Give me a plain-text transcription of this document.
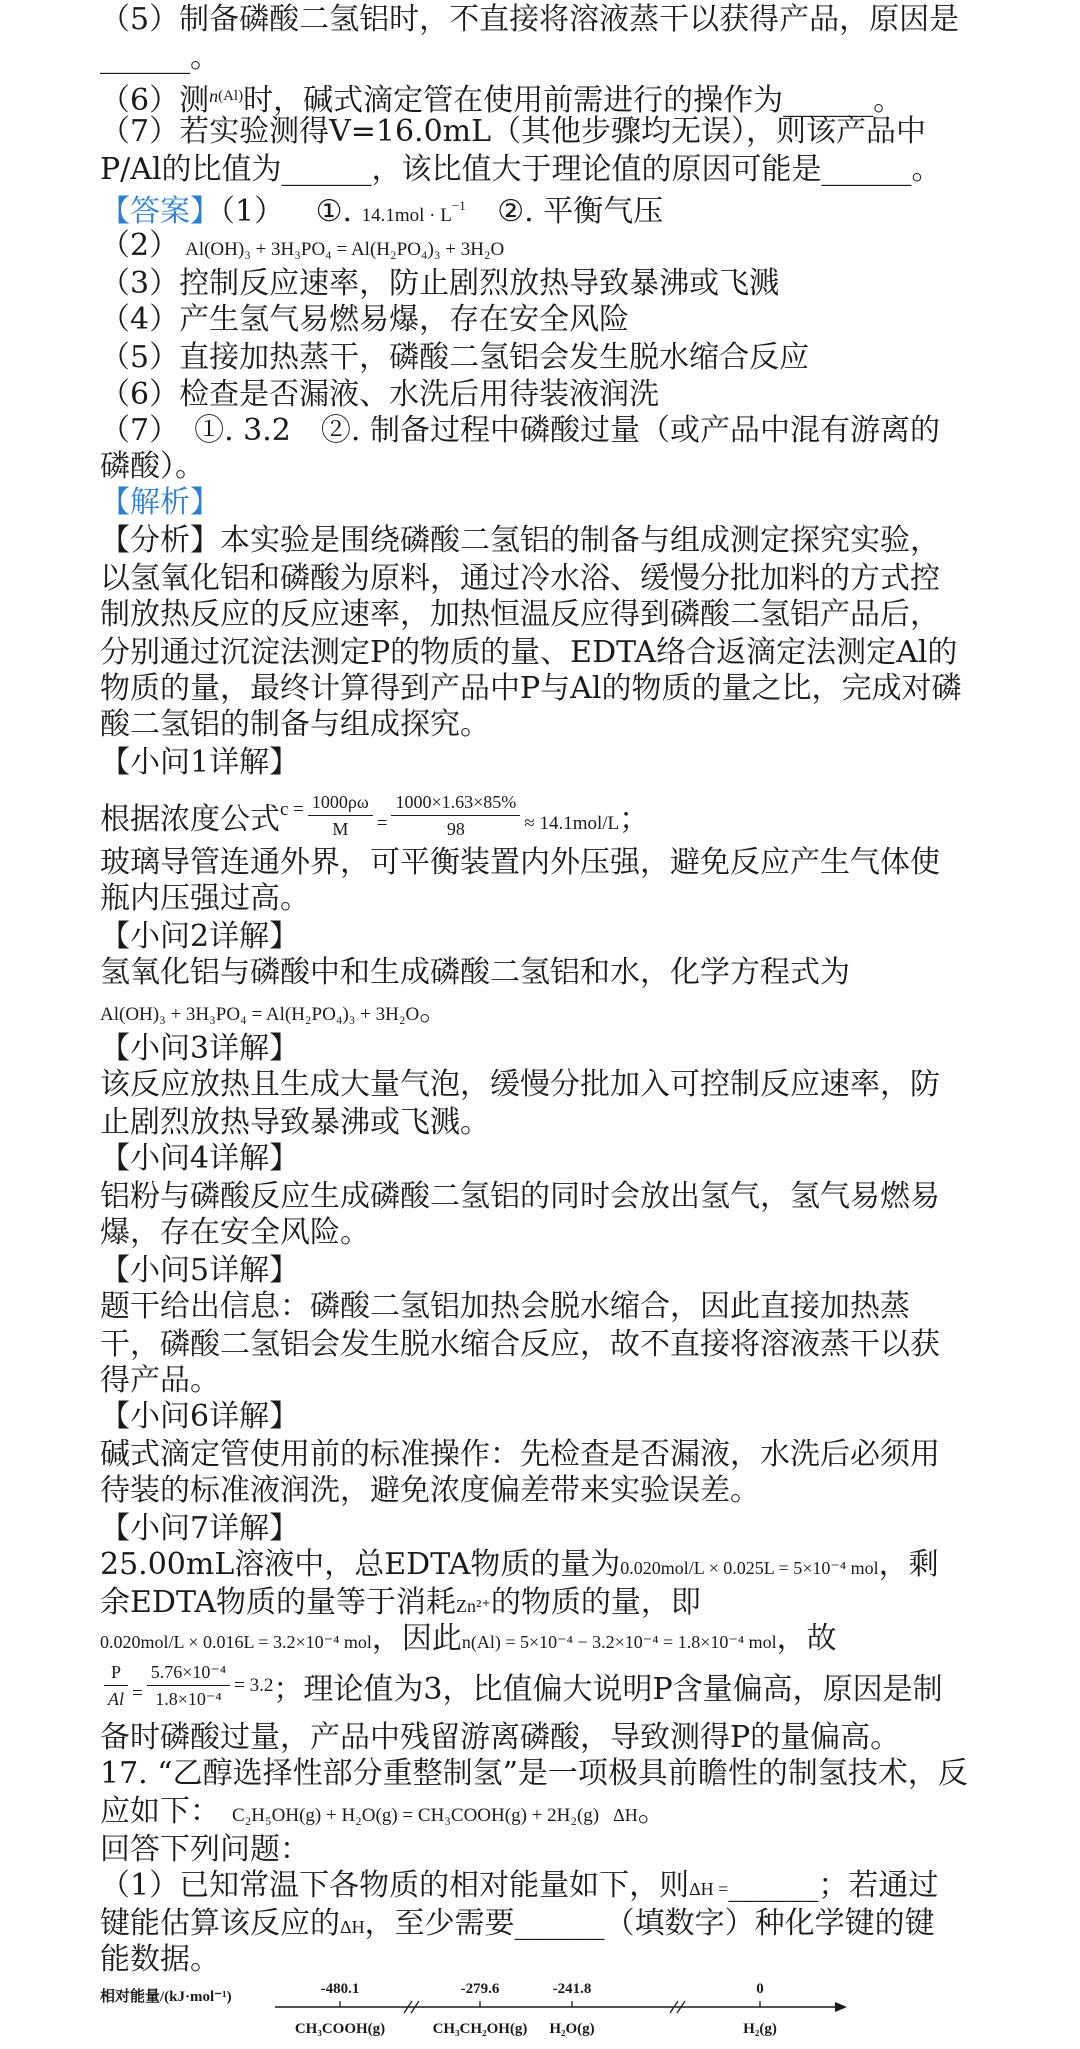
（5）制备磷酸二氢铝时，不直接将溶液蒸干以获得产品，原因是
______。
（6）测$^{n(Al)}$时，碱式滴定管在使用前需进行的操作为______。
（7）若实验测得V=16.0mL（其他步骤均无误），则该产品中
P/Al的比值为______，该比值大于理论值的原因可能是______。
【答案】（1） ①. $14.1mol \cdot L^{-1}$ ②. 平衡气压
（2） Al(OH)₃ + 3H₃PO₄ = Al(H₂PO₄)₃ + 3H₂O
（3）控制反应速率，防止剧烈放热导致暴沸或飞溅
（4）产生氢气易燃易爆，存在安全风险
（5）直接加热蒸干，磷酸二氢铝会发生脱水缩合反应
（6）检查是否漏液、水洗后用待装液润洗
（7）　①. 3.2　②. 制备过程中磷酸过量（或产品中混有游离的
磷酸）。
【解析】
【分析】本实验是围绕磷酸二氢铝的制备与组成测定探究实验，
以氢氧化铝和磷酸为原料，通过冷水浴、缓慢分批加料的方式控
制放热反应的反应速率，加热恒温反应得到磷酸二氢铝产品后，
分别通过沉淀法测定P的物质的量、EDTA络合返滴定法测定Al的
物质的量，最终计算得到产品中P与Al的物质的量之比，完成对磷
酸二氢铝的制备与组成探究。
【小问1详解】
根据浓度公式$^{c =} \frac{1000\rho\omega}{M} = \frac{1000\times 1.63\times 85\%}{98} \approx 14.1mol/L$；
玻璃导管连通外界，可平衡装置内外压强，避免反应产生气体使
瓶内压强过高。
【小问2详解】
氢氧化铝与磷酸中和生成磷酸二氢铝和水，化学方程式为
Al(OH)₃ + 3H₃PO₄ = Al(H₂PO₄)₃ + 3H₂O。
【小问3详解】
该反应放热且生成大量气泡，缓慢分批加入可控制反应速率，防
止剧烈放热导致暴沸或飞溅。
【小问4详解】
铝粉与磷酸反应生成磷酸二氢铝的同时会放出氢气，氢气易燃易
爆，存在安全风险。
【小问5详解】
题干给出信息：磷酸二氢铝加热会脱水缩合，因此直接加热蒸
干，磷酸二氢铝会发生脱水缩合反应，故不直接将溶液蒸干以获
得产品。
【小问6详解】
碱式滴定管使用前的标准操作：先检查是否漏液，水洗后必须用
待装的标准液润洗，避免浓度偏差带来实验误差。
【小问7详解】
25.00mL溶液中，总EDTA物质的量为0.020mol/L × 0.025L = 5×10⁻⁴ mol，剩
余EDTA物质的量等于消耗Zn²⁺的物质的量，即
0.020mol/L × 0.016L = 3.2×10⁻⁴ mol，因此n(Al) = 5×10⁻⁴ − 3.2×10⁻⁴ = 1.8×10⁻⁴ mol，故
$\frac{P}{Al} = \frac{\text{5.76×10⁻⁴}}{\text{1.8×10⁻⁴}} ^{= 3.2}$；理论值为3，比值偏大说明P含量偏高，原因是制
备时磷酸过量，产品中残留游离磷酸，导致测得P的量偏高。
17. “乙醇选择性部分重整制氢”是一项极具前瞻性的制氢技术，反
应如下： C₂H₅OH(g) + H₂O(g) = CH₃COOH(g) + 2H₂(g) ΔH。
回答下列问题：
（1）已知常温下各物质的相对能量如下，则ΔH =______；若通过
键能估算该反应的ΔH，至少需要______（填数字）种化学键的键
能数据。
相对能量/(kJ·mol⁻¹)	-480.1
CH₃COOH(g)
-279.6
CH₃CH₂OH(g)
-241.8
H₂O(g)
0
H₂(g)
